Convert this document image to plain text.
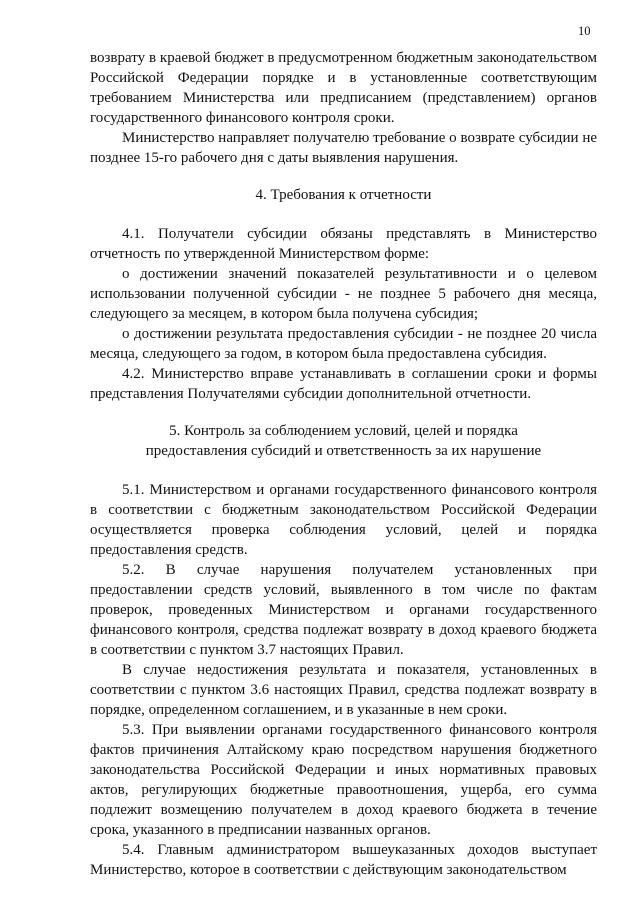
10

возврату в краевой бюджет в предусмотренном бюджетным законодательством Российской Федерации порядке и в установленные соответствующим требованием Министерства или предписанием (представлением) органов государственного финансового контроля сроки.

Министерство направляет получателю требование о возврате субсидии не позднее 15-го рабочего дня с даты выявления нарушения.

4. Требования к отчетности

4.1. Получатели субсидии обязаны представлять в Министерство отчетность по утвержденной Министерством форме:

о достижении значений показателей результативности и о целевом использовании полученной субсидии - не позднее 5 рабочего дня месяца, следующего за месяцем, в котором была получена субсидия;

о достижении результата предоставления субсидии - не позднее 20 числа месяца, следующего за годом, в котором была предоставлена субсидия.

4.2. Министерство вправе устанавливать в соглашении сроки и формы представления Получателями субсидии дополнительной отчетности.

5. Контроль за соблюдением условий, целей и порядка
предоставления субсидий и ответственность за их нарушение

5.1. Министерством и органами государственного финансового контроля в соответствии с бюджетным законодательством Российской Федерации осуществляется проверка соблюдения условий, целей и порядка предоставления средств.

5.2. В случае нарушения получателем установленных при предоставлении средств условий, выявленного в том числе по фактам проверок, проведенных Министерством и органами государственного финансового контроля, средства подлежат возврату в доход краевого бюджета в соответствии с пунктом 3.7 настоящих Правил.

В случае недостижения результата и показателя, установленных в соответствии с пунктом 3.6 настоящих Правил, средства подлежат возврату в порядке, определенном соглашением, и в указанные в нем сроки.

5.3. При выявлении органами государственного финансового контроля фактов причинения Алтайскому краю посредством нарушения бюджетного законодательства Российской Федерации и иных нормативных правовых актов, регулирующих бюджетные правоотношения, ущерба, его сумма подлежит возмещению получателем в доход краевого бюджета в течение срока, указанного в предписании названных органов.

5.4. Главным администратором вышеуказанных доходов выступает Министерство, которое в соответствии с действующим законодательством
